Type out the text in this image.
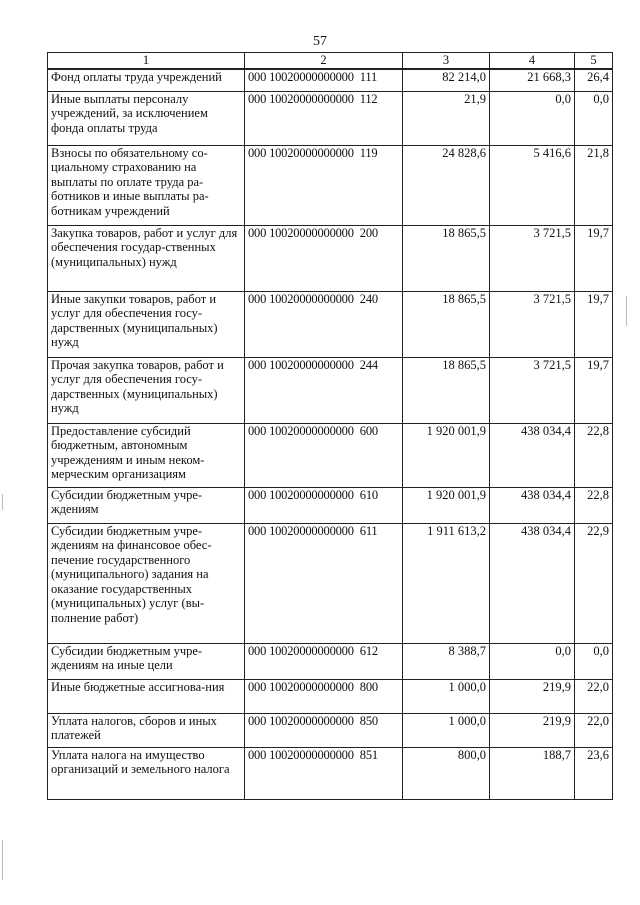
57
1	2	3	4	5
Фонд оплаты труда учреждений	000 10020000000000 111	82 214,0	21 668,3	26,4
Иные выплаты персоналу учреждений, за исключением фонда оплаты труда	000 10020000000000 112	21,9	0,0	0,0
Взносы по обязательному со-циальному страхованию на выплаты по оплате труда ра-ботников и иные выплаты ра-ботникам учреждений	000 10020000000000 119	24 828,6	5 416,6	21,8
Закупка товаров, работ и услуг для обеспечения государ-ственных (муниципальных) нужд	000 10020000000000 200	18 865,5	3 721,5	19,7
Иные закупки товаров, работ и услуг для обеспечения госу-дарственных (муниципальных) нужд	000 10020000000000 240	18 865,5	3 721,5	19,7
Прочая закупка товаров, работ и услуг для обеспечения госу-дарственных (муниципальных) нужд	000 10020000000000 244	18 865,5	3 721,5	19,7
Предоставление субсидий бюджетным, автономным учреждениям и иным неком-мерческим организациям	000 10020000000000 600	1 920 001,9	438 034,4	22,8
Субсидии бюджетным учре-ждениям	000 10020000000000 610	1 920 001,9	438 034,4	22,8
Субсидии бюджетным учре-ждениям на финансовое обес-печение государственного (муниципального) задания на оказание государственных (муниципальных) услуг (вы-полнение работ)	000 10020000000000 611	1 911 613,2	438 034,4	22,9
Субсидии бюджетным учре-ждениям на иные цели	000 10020000000000 612	8 388,7	0,0	0,0
Иные бюджетные ассигнова-ния	000 10020000000000 800	1 000,0	219,9	22,0
Уплата налогов, сборов и иных платежей	000 10020000000000 850	1 000,0	219,9	22,0
Уплата налога на имущество организаций и земельного налога	000 10020000000000 851	800,0	188,7	23,6
